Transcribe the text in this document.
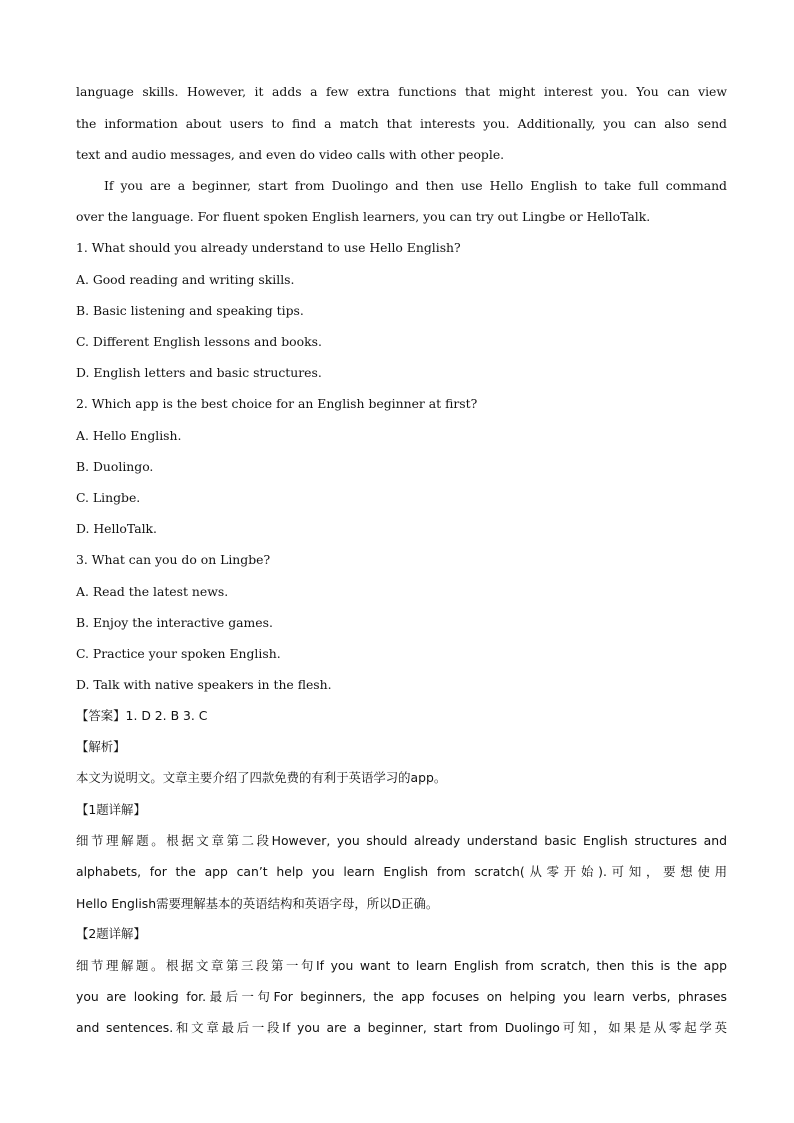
language skills. However, it adds a few extra functions that might interest you. You can view
the information about users to find a match that interests you. Additionally, you can also send
text and audio messages, and even do video calls with other people.
If you are a beginner, start from Duolingo and then use Hello English to take full command
over the language. For fluent spoken English learners, you can try out Lingbe or HelloTalk.
1. What should you already understand to use Hello English?
A. Good reading and writing skills.
B. Basic listening and speaking tips.
C. Different English lessons and books.
D. English letters and basic structures.
2. Which app is the best choice for an English beginner at first?
A. Hello English.
B. Duolingo.
C. Lingbe.
D. HelloTalk.
3. What can you do on Lingbe?
A. Read the latest news.
B. Enjoy the interactive games.
C. Practice your spoken English.
D. Talk with native speakers in the flesh.
【答案】1. D 2. B 3. C
【解析】
本文为说明文。文章主要介绍了四款免费的有利于英语学习的app。
【1题详解】
细节理解题。根据文章第二段However, you should already understand basic English structures and
alphabets, for the app can’t help you learn English from scratch(从零开始).可知，要想使用
Hello English需要理解基本的英语结构和英语字母，所以D正确。
【2题详解】
细节理解题。根据文章第三段第一句If you want to learn English from scratch, then this is the app
you are looking for.最后一句For beginners, the app focuses on helping you learn verbs, phrases
and sentences.和文章最后一段If you are a beginner, start from Duolingo可知，如果是从零起学英
